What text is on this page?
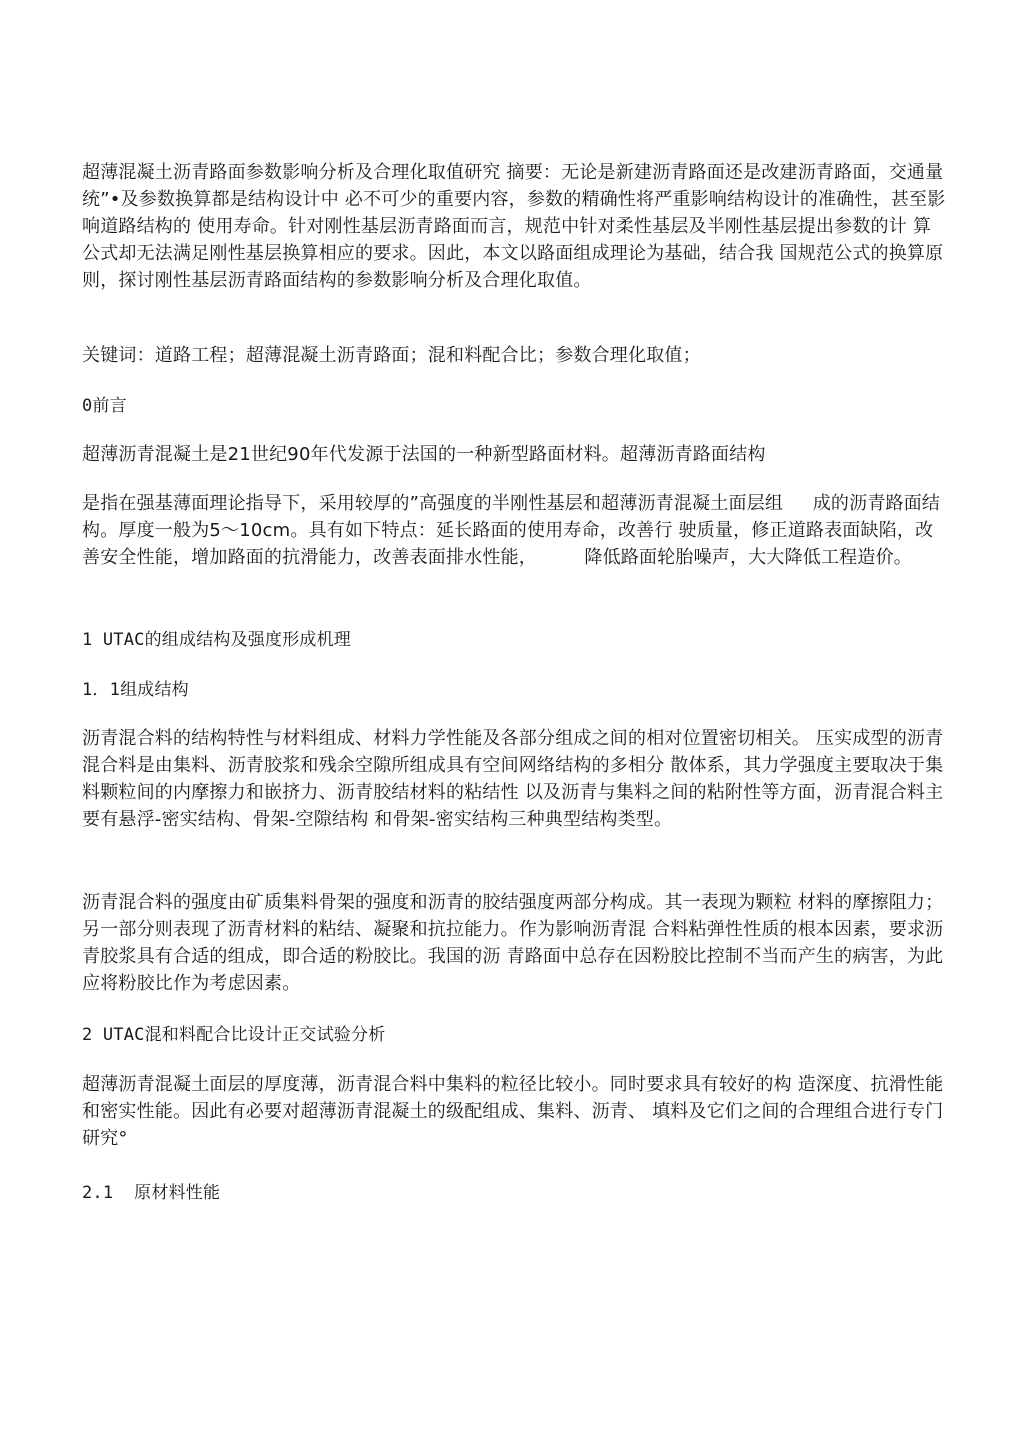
超薄混凝土沥青路面参数影响分析及合理化取值研究 摘要：无论是新建沥青路面还是改建沥青路面，交通量统”•及参数换算都是结构设计中 必不可少的重要内容，参数的精确性将严重影响结构设计的准确性，甚至影响道路结构的 使用寿命。针对刚性基层沥青路面而言，规范中针对柔性基层及半刚性基层提出参数的计 算公式却无法满足刚性基层换算相应的要求。因此，本文以路面组成理论为基础，结合我 国规范公式的换算原则，探讨刚性基层沥青路面结构的参数影响分析及合理化取值。

关键词：道路工程；超薄混凝土沥青路面；混和料配合比；参数合理化取值；

0前言

超薄沥青混凝土是21世纪90年代发源于法国的一种新型路面材料。超薄沥青路面结构

是指在强基薄面理论指导下，采用较厚的”高强度的半刚性基层和超薄沥青混凝土面层组     成的沥青路面结构。厚度一般为5～10cm。具有如下特点：延长路面的使用寿命，改善行 驶质量，修正道路表面缺陷，改善安全性能，增加路面的抗滑能力，改善表面排水性能，        降低路面轮胎噪声，大大降低工程造价。

1 UTAC的组成结构及强度形成机理

1．1组成结构

沥青混合料的结构特性与材料组成、材料力学性能及各部分组成之间的相对位置密切相关。 压实成型的沥青混合料是由集料、沥青胶浆和残余空隙所组成具有空间网络结构的多相分 散体系，其力学强度主要取决于集料颗粒间的内摩擦力和嵌挤力、沥青胶结材料的粘结性 以及沥青与集料之间的粘附性等方面，沥青混合料主要有悬浮-密实结构、骨架-空隙结构 和骨架-密实结构三种典型结构类型。

沥青混合料的强度由矿质集料骨架的强度和沥青的胶结强度两部分构成。其一表现为颗粒 材料的摩擦阻力；另一部分则表现了沥青材料的粘结、凝聚和抗拉能力。作为影响沥青混 合料粘弹性性质的根本因素，要求沥青胶浆具有合适的组成，即合适的粉胶比。我国的沥 青路面中总存在因粉胶比控制不当而产生的病害，为此应将粉胶比作为考虑因素。

2 UTAC混和料配合比设计正交试验分析

超薄沥青混凝土面层的厚度薄，沥青混合料中集料的粒径比较小。同时要求具有较好的构 造深度、抗滑性能和密实性能。因此有必要对超薄沥青混凝土的级配组成、集料、沥青、 填料及它们之间的合理组合进行专门研究°

2.1  原材料性能
